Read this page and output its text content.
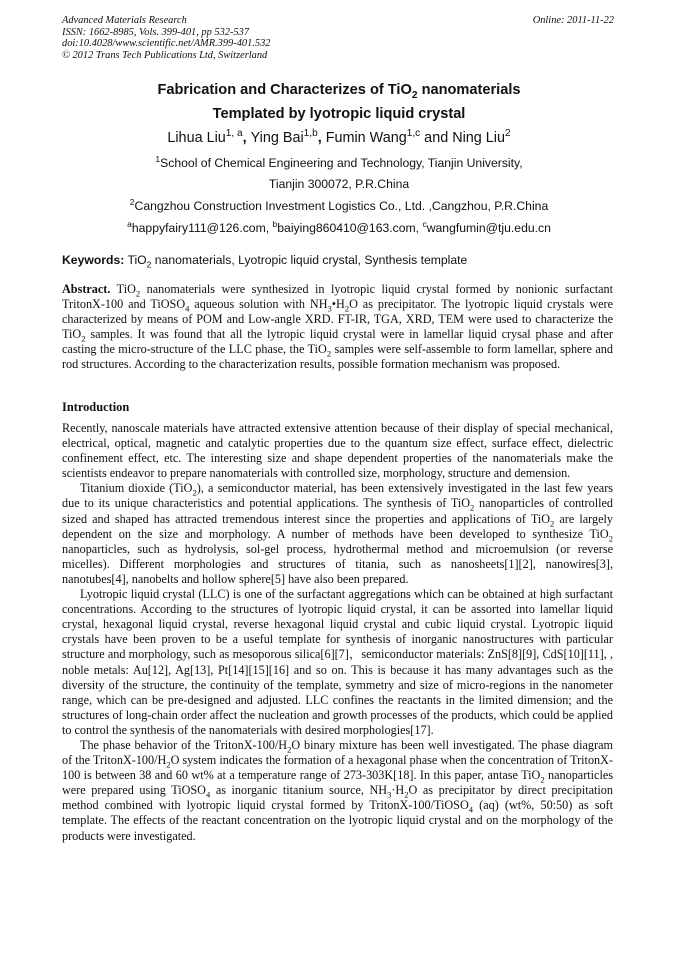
Advanced Materials Research
ISSN: 1662-8985, Vols. 399-401, pp 532-537
doi:10.4028/www.scientific.net/AMR.399-401.532
© 2012 Trans Tech Publications Ltd, Switzerland
Online: 2011-11-22
Fabrication and Characterizes of TiO$_2$ nanomaterials
Templated by lyotropic liquid crystal
Lihua Liu$^{1, a}$, Ying Bai$^{1,b}$, Fumin Wang$^{1,c}$ and Ning Liu$^2$
$^1$School of Chemical Engineering and Technology, Tianjin University,
Tianjin 300072, P.R.China
$^2$Cangzhou Construction Investment Logistics Co., Ltd. ,Cangzhou, P.R.China
$^a$happyfairy111@126.com, $^b$baiying860410@163.com, $^c$wangfumin@tju.edu.cn
Keywords: TiO$_2$ nanomaterials, Lyotropic liquid crystal, Synthesis template

Abstract. TiO$_2$ nanomaterials were synthesized in lyotropic liquid crystal formed by nonionic surfactant TritonX-100 and TiOSO$_4$ aqueous solution with $NH_3•H_2O$ as precipitator. The lyotropic liquid crystals were characterized by means of POM and Low-angle XRD. FT-IR, TGA, XRD, TEM were used to characterize the TiO$_2$ samples. It was found that all the lytropic liquid crystal were in lamellar liquid crysal phase and after casting the micro-structure of the LLC phase, the TiO$_2$ samples were self-assemble to form lamellar, sphere and rod structures. According to the characterization results, possible formation mechanism was proposed.

Introduction

Recently, nanoscale materials have attracted extensive attention because of their display of special mechanical, electrical, optical, magnetic and catalytic properties due to the quantum size effect, surface effect, dielectric confinement effect, etc. The interesting size and shape dependent properties of the nanomaterials make the scientists endeavor to prepare nanomaterials with controlled size, morphology, structure and demension.

Titanium dioxide (TiO$_2$), a semiconductor material, has been extensively investigated in the last few years due to its unique characteristics and potential applications. The synthesis of TiO$_2$ nanoparticles of controlled sized and shaped has attracted tremendous interest since the properties and applications of TiO$_2$ are largely dependent on the size and morphology. A number of methods have been developed to synthesize TiO$_2$ nanoparticles, such as hydrolysis, sol-gel process, hydrothermal method and microemulsion (or reverse micelles). Different morphologies and structures of titania, such as nanosheets[1][2], nanowires[3], nanotubes[4], nanobelts and hollow sphere[5] have also been prepared.

Lyotropic liquid crystal (LLC) is one of the surfactant aggregations which can be obtained at high surfactant concentrations. According to the structures of lyotropic liquid crystal, it can be assorted into lamellar liquid crystal, hexagonal liquid crystal, reverse hexagonal liquid crystal and cubic liquid crystal. Lyotropic liquid crystals have been proven to be a useful template for synthesis of inorganic nanostructures with particular structure and morphology, such as mesoporous silica[6][7]，semiconductor materials: ZnS[8][9], CdS[10][11], , noble metals: Au[12], Ag[13], Pt[14][15][16] and so on. This is because it has many advantages such as the diversity of the structure, the continuity of the template, symmetry and size of micro-regions in the nanometer range, which can be pre-designed and adjusted. LLC confines the reactants in the limited dimension; and the structures of long-chain order affect the nucleation and growth processes of the products, which could be applied to control the synthesis of the nanomaterials with desired morphologies[17].

The phase behavior of the TritonX-$100/H_2O$ binary mixture has been well investigated. The phase diagram of the TritonX-$100/H_2O$ system indicates the formation of a hexagonal phase when the concentration of TritonX-100 is between 38 and 60 wt% at a temperature range of 273-303K[18]. In this paper, antase TiO$_2$ nanoparticles were prepared using TiOSO$_4$ as inorganic titanium source, $NH_3\cdot H_2O$ as precipitator by direct precipitation method combined with lyotropic liquid crystal formed by TritonX-100/TiOSO$_4$ (aq) (wt%, 50:50) as soft template. The effects of the reactant concentration on the lyotropic liquid crystal and on the morphology of the products were investigated.
